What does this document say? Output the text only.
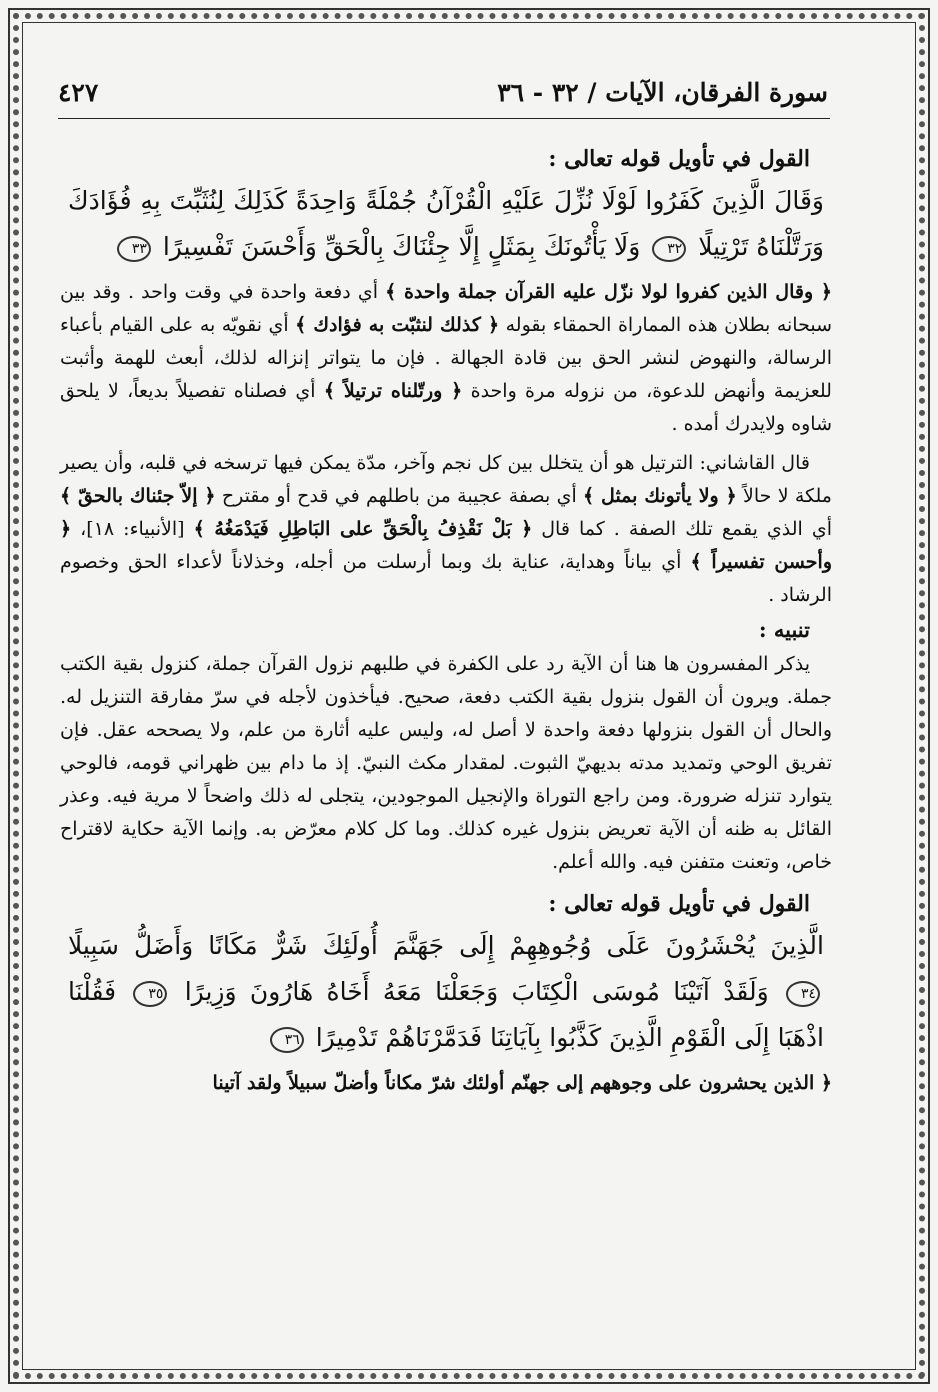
سورة الفرقان، الآيات / ٣٢ - ٣٦
٤٢٧

القول في تأويل قوله تعالى :

وَقَالَ الَّذِينَ كَفَرُوا لَوْلَا نُزِّلَ عَلَيْهِ الْقُرْآنُ جُمْلَةً وَاحِدَةً كَذَلِكَ لِنُثَبِّتَ بِهِ فُؤَادَكَ

وَرَتَّلْنَاهُ تَرْتِيلًا ٣٢ وَلَا يَأْتُونَكَ بِمَثَلٍ إِلَّا جِئْنَاكَ بِالْحَقِّ وَأَحْسَنَ تَفْسِيرًا ٣٣

﴿ وقال الذين كفروا لولا نزّل عليه القرآن جملة واحدة ﴾ أي دفعة واحدة في وقت واحد . وقد بين سبحانه بطلان هذه المماراة الحمقاء بقوله ﴿ كذلك لنثبّت به فؤادك ﴾ أي نقويّه به على القيام بأعباء الرسالة، والنهوض لنشر الحق بين قادة الجهالة . فإن ما يتواتر إنزاله لذلك، أبعث للهمة وأثبت للعزيمة وأنهض للدعوة، من نزوله مرة واحدة ﴿ ورتّلناه ترتيلاً ﴾ أي فصلناه تفصيلاً بديعاً، لا يلحق شاوه ولايدرك أمده .

قال القاشاني: الترتيل هو أن يتخلل بين كل نجم وآخر، مدّة يمكن فيها ترسخه في قلبه، وأن يصير ملكة لا حالاً ﴿ ولا يأتونك بمثل ﴾ أي بصفة عجيبة من باطلهم في قدح أو مقترح ﴿ إلاّ جئناك بالحقّ ﴾ أي الذي يقمع تلك الصفة . كما قال ﴿ بَلْ نَقْذِفُ بِالْحَقِّ على البَاطِلِ فَيَدْمَغُهُ ﴾ [الأنبياء: ١٨]، ﴿ وأحسن تفسيراً ﴾ أي بياناً وهداية، عناية بك وبما أرسلت من أجله، وخذلاناً لأعداء الحق وخصوم الرشاد .

تنبيه :

يذكر المفسرون ها هنا أن الآية رد على الكفرة في طلبهم نزول القرآن جملة، كنزول بقية الكتب جملة. ويرون أن القول بنزول بقية الكتب دفعة، صحيح. فيأخذون لأجله في سرّ مفارقة التنزيل له. والحال أن القول بنزولها دفعة واحدة لا أصل له، وليس عليه أثارة من علم، ولا يصححه عقل. فإن تفريق الوحي وتمديد مدته بديهيّ الثبوت. لمقدار مكث النبيّ. إذ ما دام بين ظهراني قومه، فالوحي يتوارد تنزله ضرورة. ومن راجع التوراة والإنجيل الموجودين، يتجلى له ذلك واضحاً لا مرية فيه. وعذر القائل به ظنه أن الآية تعريض بنزول غيره كذلك. وما كل كلام معرّض به. وإنما الآية حكاية لاقتراح خاص، وتعنت متفنن فيه. والله أعلم.

القول في تأويل قوله تعالى :

الَّذِينَ يُحْشَرُونَ عَلَى وُجُوهِهِمْ إِلَى جَهَنَّمَ أُولَئِكَ شَرٌّ مَكَانًا وَأَضَلُّ سَبِيلًا

٣٤ وَلَقَدْ آتَيْنَا مُوسَى الْكِتَابَ وَجَعَلْنَا مَعَهُ أَخَاهُ هَارُونَ وَزِيرًا ٣٥ فَقُلْنَا

اذْهَبَا إِلَى الْقَوْمِ الَّذِينَ كَذَّبُوا بِآيَاتِنَا فَدَمَّرْنَاهُمْ تَدْمِيرًا ٣٦

﴿ الذين يحشرون على وجوههم إلى جهنّم أولئك شرّ مكاناً وأضلّ سبيلاً ولقد آتينا
